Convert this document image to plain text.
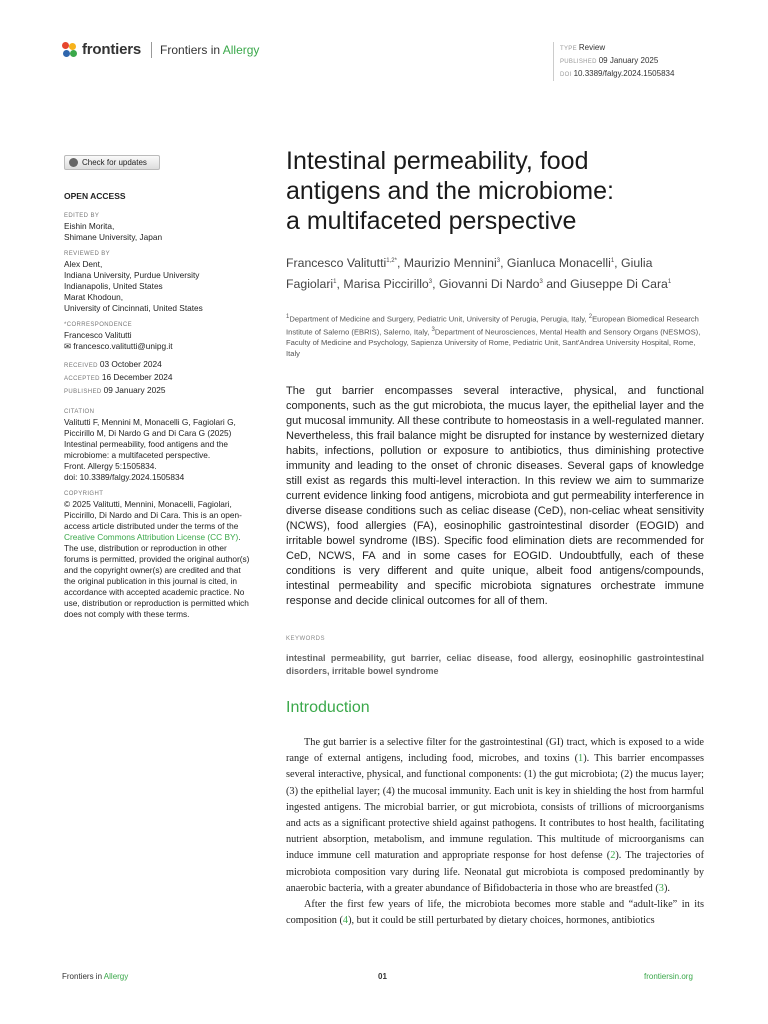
frontiers Frontiers in Allergy	TYPE Review
PUBLISHED 09 January 2025
DOI 10.3389/falgy.2024.1505834
Check for updates
OPEN ACCESS
EDITED BY
Eishin Morita,
Shimane University, Japan
REVIEWED BY
Alex Dent,
Indiana University, Purdue University
Indianapolis, United States
Marat Khodoun,
University of Cincinnati, United States
*CORRESPONDENCE
Francesco Valitutti
✉ francesco.valitutti@unipg.it
RECEIVED 03 October 2024
ACCEPTED 16 December 2024
PUBLISHED 09 January 2025
CITATION
Valitutti F, Mennini M, Monacelli G, Fagiolari G,
Piccirillo M, Di Nardo G and Di Cara G (2025)
Intestinal permeability, food antigens and the
microbiome: a multifaceted perspective.
Front. Allergy 5:1505834.
doi: 10.3389/falgy.2024.1505834
COPYRIGHT
© 2025 Valitutti, Mennini, Monacelli, Fagiolari, Piccirillo, Di Nardo and Di Cara. This is an open-access article distributed under the terms of the Creative Commons Attribution License (CC BY). The use, distribution or reproduction in other forums is permitted, provided the original author(s) and the copyright owner(s) are credited and that the original publication in this journal is cited, in accordance with accepted academic practice. No use, distribution or reproduction is permitted which does not comply with these terms.
Intestinal permeability, food
antigens and the microbiome:
a multifaceted perspective
Francesco Valitutti$^{1,2*}$, Maurizio Mennini$^3$, Gianluca Monacelli$^1$, Giulia Fagiolari$^1$, Marisa Piccirillo$^3$, Giovanni Di Nardo$^3$ and Giuseppe Di Cara$^1$
$^1$Department of Medicine and Surgery, Pediatric Unit, University of Perugia, Perugia, Italy, $^2$European Biomedical Research Institute of Salerno (EBRIS), Salerno, Italy, $^3$Department of Neurosciences, Mental Health and Sensory Organs (NESMOS), Faculty of Medicine and Psychology, Sapienza University of Rome, Pediatric Unit, Sant'Andrea University Hospital, Rome, Italy
The gut barrier encompasses several interactive, physical, and functional components, such as the gut microbiota, the mucus layer, the epithelial layer and the gut mucosal immunity. All these contribute to homeostasis in a well-regulated manner. Nevertheless, this frail balance might be disrupted for instance by westernized dietary habits, infections, pollution or exposure to antibiotics, thus diminishing protective immunity and leading to the onset of chronic diseases. Several gaps of knowledge still exist as regards this multi-level interaction. In this review we aim to summarize current evidence linking food antigens, microbiota and gut permeability interference in diverse disease conditions such as celiac disease (CeD), non-celiac wheat sensitivity (NCWS), food allergies (FA), eosinophilic gastrointestinal disorder (EOGID) and irritable bowel syndrome (IBS). Specific food elimination diets are recommended for CeD, NCWS, FA and in some cases for EOGID. Undoubtfully, each of these conditions is very different and quite unique, albeit food antigens/compounds, intestinal permeability and specific microbiota signatures orchestrate immune response and decide clinical outcomes for all of them.
KEYWORDS
intestinal permeability, gut barrier, celiac disease, food allergy, eosinophilic gastrointestinal disorders, irritable bowel syndrome
Introduction

The gut barrier is a selective filter for the gastrointestinal (GI) tract, which is exposed to a wide range of external antigens, including food, microbes, and toxins (1). This barrier encompasses several interactive, physical, and functional components: (1) the gut microbiota; (2) the mucus layer; (3) the epithelial layer; (4) the mucosal immunity. Each unit is key in shielding the host from harmful ingested antigens. The microbial barrier, or gut microbiota, consists of trillions of microorganisms and acts as a significant protective shield against pathogens. It contributes to host health, facilitating nutrient absorption, metabolism, and immune regulation. This multitude of microorganisms can induce immune cell maturation and appropriate response for host defense (2). The trajectories of microbiota composition vary during life. Neonatal gut microbiota is composed predominantly by anaerobic bacteria, with a greater abundance of Bifidobacteria in those who are breastfed (3).

After the first few years of life, the microbiota becomes more stable and “adult-like” in its composition (4), but it could be still perturbated by dietary choices, hormones, antibiotics

Frontiers in Allergy	01	frontiersin.org
